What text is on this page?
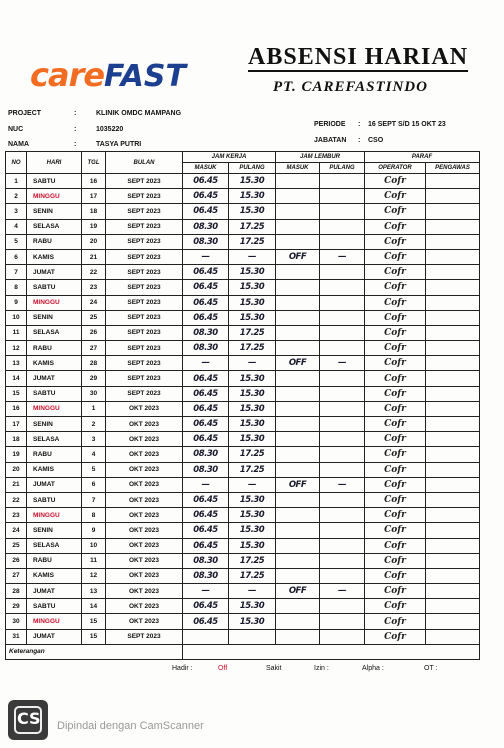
care FAST
ABSENSI HARIAN
PT. CAREFASTINDO
PROJECT	:	KLINIK OMDC MAMPANG
NUC	:	1035220
NAMA	:	TASYA PUTRI
PERIODE : 16 SEPT S/D 15 OKT 23
JABATAN : CSO
NO	HARI	TGL	BULAN	JAM KERJA		JAM LEMBUR		PARAF	
				MASUK	PULANG	MASUK	PULANG	OPERATOR	PENGAWAS
1	SABTU	16	SEPT 2023	06.45	15.30			Cofr	
2	MINGGU	17	SEPT 2023	06.45	15.30			Cofr	
3	SENIN	18	SEPT 2023	06.45	15.30			Cofr	
4	SELASA	19	SEPT 2023	08.30	17.25			Cofr	
5	RABU	20	SEPT 2023	08.30	17.25			Cofr	
6	KAMIS	21	SEPT 2023	—	—	OFF	—	Cofr	
7	JUMAT	22	SEPT 2023	06.45	15.30			Cofr	
8	SABTU	23	SEPT 2023	06.45	15.30			Cofr	
9	MINGGU	24	SEPT 2023	06.45	15.30			Cofr	
10	SENIN	25	SEPT 2023	06.45	15.30			Cofr	
11	SELASA	26	SEPT 2023	08.30	17.25			Cofr	
12	RABU	27	SEPT 2023	08.30	17.25			Cofr	
13	KAMIS	28	SEPT 2023	—	—	OFF	—	Cofr	
14	JUMAT	29	SEPT 2023	06.45	15.30			Cofr	
15	SABTU	30	SEPT 2023	06.45	15.30			Cofr	
16	MINGGU	1	OKT 2023	06.45	15.30			Cofr	
17	SENIN	2	OKT 2023	06.45	15.30			Cofr	
18	SELASA	3	OKT 2023	06.45	15.30			Cofr	
19	RABU	4	OKT 2023	08.30	17.25			Cofr	
20	KAMIS	5	OKT 2023	08.30	17.25			Cofr	
21	JUMAT	6	OKT 2023	—	—	OFF	—	Cofr	
22	SABTU	7	OKT 2023	06.45	15.30			Cofr	
23	MINGGU	8	OKT 2023	06.45	15.30			Cofr	
24	SENIN	9	OKT 2023	06.45	15.30			Cofr	
25	SELASA	10	OKT 2023	06.45	15.30			Cofr	
26	RABU	11	OKT 2023	08.30	17.25			Cofr	
27	KAMIS	12	OKT 2023	08.30	17.25			Cofr	
28	JUMAT	13	OKT 2023	—	—	OFF	—	Cofr	
29	SABTU	14	OKT 2023	06.45	15.30			Cofr	
30	MINGGU	15	OKT 2023	06.45	15.30			Cofr	
31	JUMAT	15	SEPT 2023					Cofr	
Keterangan									
Hadir :	Off	Sakit	Izin :	Alpha :	OT :
CS Dipindai dengan CamScanner
